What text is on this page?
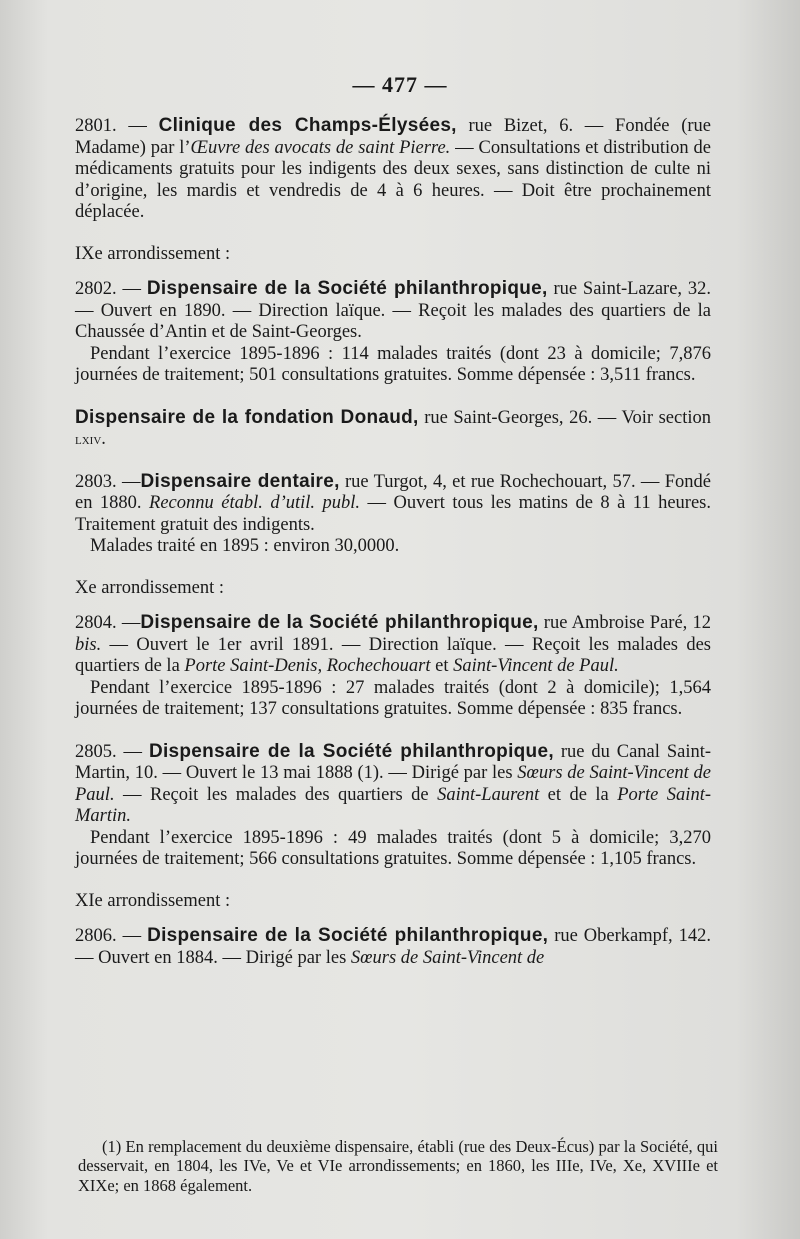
— 477 —

2801. — Clinique des Champs-Élysées, rue Bizet, 6. — Fondée (rue Madame) par l’Œuvre des avocats de saint Pierre. — Consultations et distribution de médicaments gratuits pour les indigents des deux sexes, sans distinction de culte ni d’origine, les mardis et vendredis de 4 à 6 heures. — Doit être prochainement déplacée.

IXe arrondissement :

2802. — Dispensaire de la Société philanthropique, rue Saint-Lazare, 32. — Ouvert en 1890. — Direction laïque. — Reçoit les malades des quartiers de la Chaussée d’Antin et de Saint-Georges.

Pendant l’exercice 1895-1896 : 114 malades traités (dont 23 à domicile; 7,876 journées de traitement; 501 consultations gratuites. Somme dépensée : 3,511 francs.

Dispensaire de la fondation Donaud, rue Saint-Georges, 26. — Voir section lxiv.

2803. —Dispensaire dentaire, rue Turgot, 4, et rue Rochechouart, 57. — Fondé en 1880. Reconnu établ. d’util. publ. — Ouvert tous les matins de 8 à 11 heures. Traitement gratuit des indigents.

Malades traité en 1895 : environ 30,0000.

Xe arrondissement :

2804. —Dispensaire de la Société philanthropique, rue Ambroise Paré, 12 bis. — Ouvert le 1er avril 1891. — Direction laïque. — Reçoit les malades des quartiers de la Porte Saint-Denis, Rochechouart et Saint-Vincent de Paul.

Pendant l’exercice 1895-1896 : 27 malades traités (dont 2 à domicile); 1,564 journées de traitement; 137 consultations gratuites. Somme dépensée : 835 francs.

2805. — Dispensaire de la Société philanthropique, rue du Canal Saint-Martin, 10. — Ouvert le 13 mai 1888 (1). — Dirigé par les Sœurs de Saint-Vincent de Paul. — Reçoit les malades des quartiers de Saint-Laurent et de la Porte Saint-Martin.

Pendant l’exercice 1895-1896 : 49 malades traités (dont 5 à domicile; 3,270 journées de traitement; 566 consultations gratuites. Somme dépensée : 1,105 francs.

XIe arrondissement :

2806. — Dispensaire de la Société philanthropique, rue Oberkampf, 142. — Ouvert en 1884. — Dirigé par les Sœurs de Saint-Vincent de

(1) En remplacement du deuxième dispensaire, établi (rue des Deux-Écus) par la Société, qui desservait, en 1804, les IVe, Ve et VIe arrondissements; en 1860, les IIIe, IVe, Xe, XVIIIe et XIXe; en 1868 également.
